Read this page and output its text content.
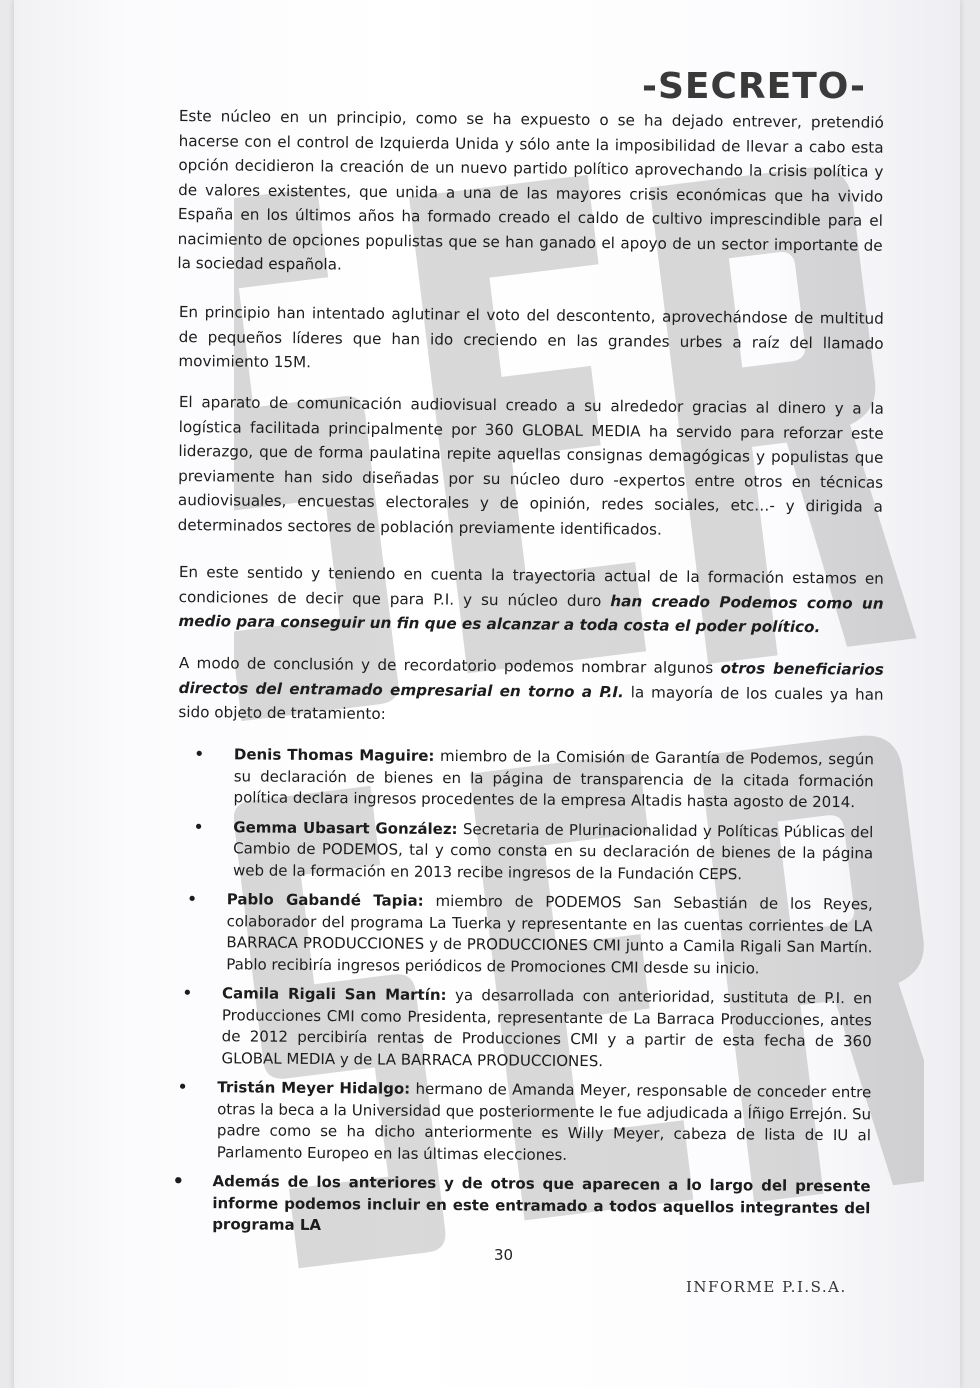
-SECRETO-

Este núcleo en un principio, como se ha expuesto o se ha dejado entrever, pretendió hacerse con el control de Izquierda Unida y sólo ante la imposibilidad de llevar a cabo esta opción decidieron la creación de un nuevo partido político aprovechando la crisis política y de valores existentes, que unida a una de las mayores crisis económicas que ha vivido España en los últimos años ha formado creado el caldo de cultivo imprescindible para el nacimiento de opciones populistas que se han ganado el apoyo de un sector importante de la sociedad española.

En principio han intentado aglutinar el voto del descontento, aprovechándose de multitud de pequeños líderes que han ido creciendo en las grandes urbes a raíz del llamado movimiento 15M.

El aparato de comunicación audiovisual creado a su alrededor gracias al dinero y a la logística facilitada principalmente por 360 GLOBAL MEDIA ha servido para reforzar este liderazgo, que de forma paulatina repite aquellas consignas demagógicas y populistas que previamente han sido diseñadas por su núcleo duro -expertos entre otros en técnicas audiovisuales, encuestas electorales y de opinión, redes sociales, etc…- y dirigida a determinados sectores de población previamente identificados.

En este sentido y teniendo en cuenta la trayectoria actual de la formación estamos en condiciones de decir que para P.I. y su núcleo duro han creado Podemos como un medio para conseguir un fin que es alcanzar a toda costa el poder político.

A modo de conclusión y de recordatorio podemos nombrar algunos otros beneficiarios directos del entramado empresarial en torno a P.I. la mayoría de los cuales ya han sido objeto de tratamiento:

• Denis Thomas Maguire: miembro de la Comisión de Garantía de Podemos, según su declaración de bienes en la página de transparencia de la citada formación política declara ingresos procedentes de la empresa Altadis hasta agosto de 2014.
• Gemma Ubasart González: Secretaria de Plurinacionalidad y Políticas Públicas del Cambio de PODEMOS, tal y como consta en su declaración de bienes de la página web de la formación en 2013 recibe ingresos de la Fundación CEPS.
• Pablo Gabandé Tapia: miembro de PODEMOS San Sebastián de los Reyes, colaborador del programa La Tuerka y representante en las cuentas corrientes de LA BARRACA PRODUCCIONES y de PRODUCCIONES CMI junto a Camila Rigali San Martín. Pablo recibiría ingresos periódicos de Promociones CMI desde su inicio.
• Camila Rigali San Martín: ya desarrollada con anterioridad, sustituta de P.I. en Producciones CMI como Presidenta, representante de La Barraca Producciones, antes de 2012 percibiría rentas de Producciones CMI y a partir de esta fecha de 360 GLOBAL MEDIA y de LA BARRACA PRODUCCIONES.
• Tristán Meyer Hidalgo: hermano de Amanda Meyer, responsable de conceder entre otras la beca a la Universidad que posteriormente le fue adjudicada a Íñigo Errejón. Su padre como se ha dicho anteriormente es Willy Meyer, cabeza de lista de IU al Parlamento Europeo en las últimas elecciones.
• Además de los anteriores y de otros que aparecen a lo largo del presente informe podemos incluir en este entramado a todos aquellos integrantes del programa LA

30

INFORME P.I.S.A.
